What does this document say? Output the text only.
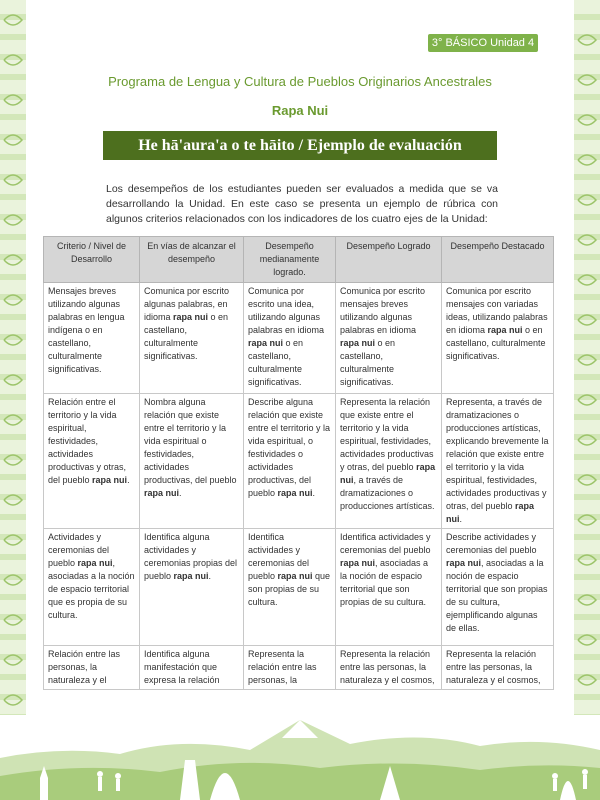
3° BÁSICO Unidad 4
Programa de Lengua y Cultura de Pueblos Originarios Ancestrales
Rapa Nui
He hā'aura'a o te hāito / Ejemplo de evaluación
Los desempeños de los estudiantes pueden ser evaluados a medida que se va desarrollando la Unidad. En este caso se presenta un ejemplo de rúbrica con algunos criterios relacionados con los indicadores de los cuatro ejes de la Unidad:
Criterio / Nivel de Desarrollo	En vías de alcanzar el desempeño	Desempeño medianamente logrado.	Desempeño Logrado	Desempeño Destacado
Mensajes breves utilizando algunas palabras en lengua indígena o en castellano, culturalmente significativas.	Comunica por escrito algunas palabras, en idioma rapa nui o en castellano, culturalmente significativas.	Comunica por escrito una idea, utilizando algunas palabras en idioma rapa nui o en castellano, culturalmente significativas.	Comunica por escrito mensajes breves utilizando algunas palabras en idioma rapa nui o en castellano, culturalmente significativas.	Comunica por escrito mensajes con variadas ideas, utilizando palabras en idioma rapa nui o en castellano, culturalmente significativas.
Relación entre el territorio y la vida espiritual, festividades, actividades productivas y otras, del pueblo rapa nui.	Nombra alguna relación que existe entre el territorio y la vida espiritual o festividades, actividades productivas, del pueblo rapa nui.	Describe alguna relación que existe entre el territorio y la vida espiritual, o festividades o actividades productivas, del pueblo rapa nui.	Representa la relación que existe entre el territorio y la vida espiritual, festividades, actividades productivas y otras, del pueblo rapa nui, a través de dramatizaciones o producciones artísticas.	Representa, a través de dramatizaciones o producciones artísticas, explicando brevemente la relación que existe entre el territorio y la vida espiritual, festividades, actividades productivas y otras, del pueblo rapa nui.
Actividades y ceremonias del pueblo rapa nui, asociadas a la noción de espacio territorial que es propia de su cultura.	Identifica alguna actividades y ceremonias propias del pueblo rapa nui.	Identifica actividades y ceremonias del pueblo rapa nui que son propias de su cultura.	Identifica actividades y ceremonias del pueblo rapa nui, asociadas a la noción de espacio territorial que son propias de su cultura.	Describe actividades y ceremonias del pueblo rapa nui, asociadas a la noción de espacio territorial que son propias de su cultura, ejemplificando algunas de ellas.
Relación entre las personas, la naturaleza y el	Identifica alguna manifestación que expresa la relación	Representa la relación entre las personas, la	Representa la relación entre las personas, la naturaleza y el cosmos,	Representa la relación entre las personas, la naturaleza y el cosmos,
